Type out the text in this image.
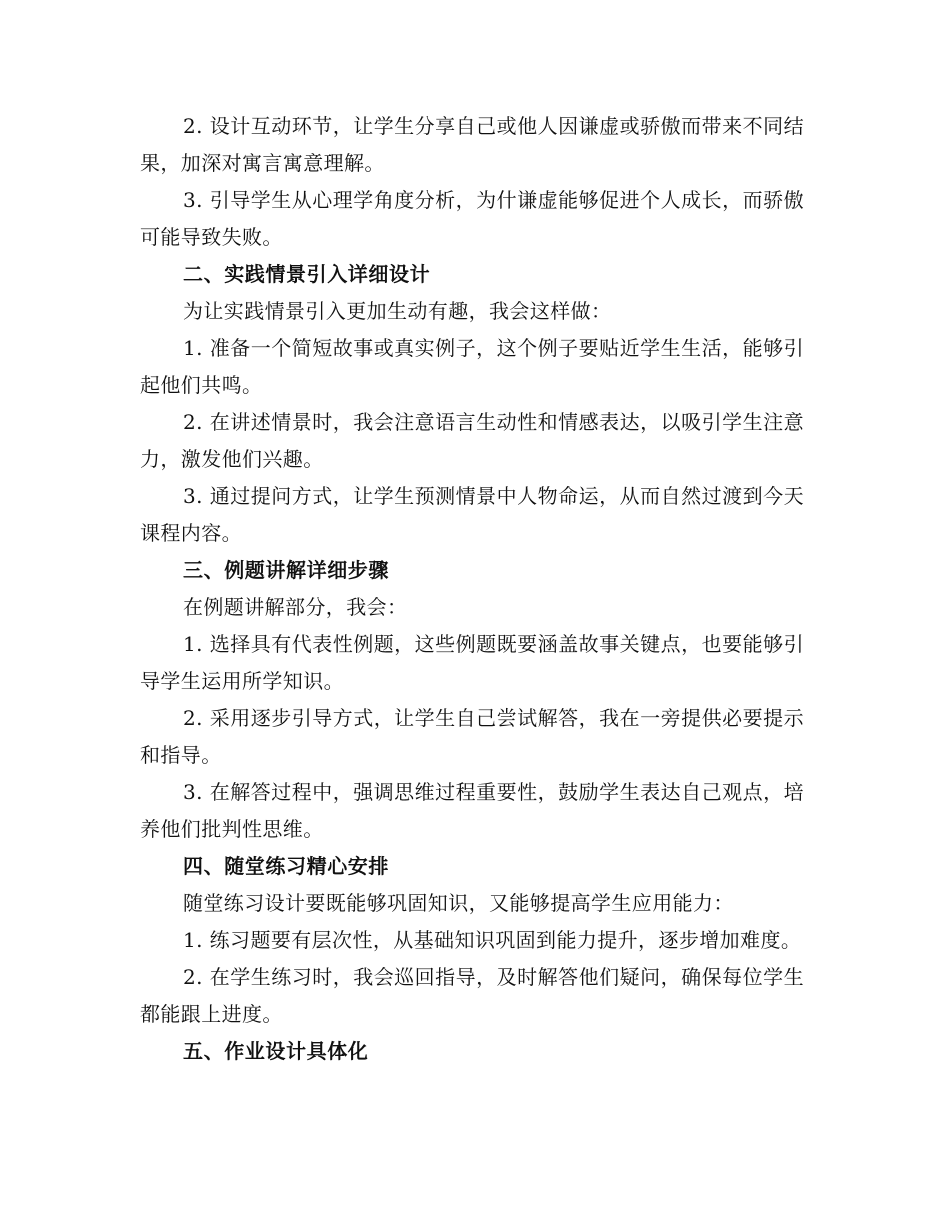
2. 设计互动环节，让学生分享自己或他人因谦虚或骄傲而带来不同结果，加深对寓言寓意理解。

3. 引导学生从心理学角度分析，为什谦虚能够促进个人成长，而骄傲可能导致失败。

二、实践情景引入详细设计

为让实践情景引入更加生动有趣，我会这样做：

1. 准备一个简短故事或真实例子，这个例子要贴近学生生活，能够引起他们共鸣。

2. 在讲述情景时，我会注意语言生动性和情感表达，以吸引学生注意力，激发他们兴趣。

3. 通过提问方式，让学生预测情景中人物命运，从而自然过渡到今天课程内容。

三、例题讲解详细步骤

在例题讲解部分，我会：

1. 选择具有代表性例题，这些例题既要涵盖故事关键点，也要能够引导学生运用所学知识。

2. 采用逐步引导方式，让学生自己尝试解答，我在一旁提供必要提示和指导。

3. 在解答过程中，强调思维过程重要性，鼓励学生表达自己观点，培养他们批判性思维。

四、随堂练习精心安排

随堂练习设计要既能够巩固知识，又能够提高学生应用能力：

1. 练习题要有层次性，从基础知识巩固到能力提升，逐步增加难度。

2. 在学生练习时，我会巡回指导，及时解答他们疑问，确保每位学生都能跟上进度。

五、作业设计具体化
